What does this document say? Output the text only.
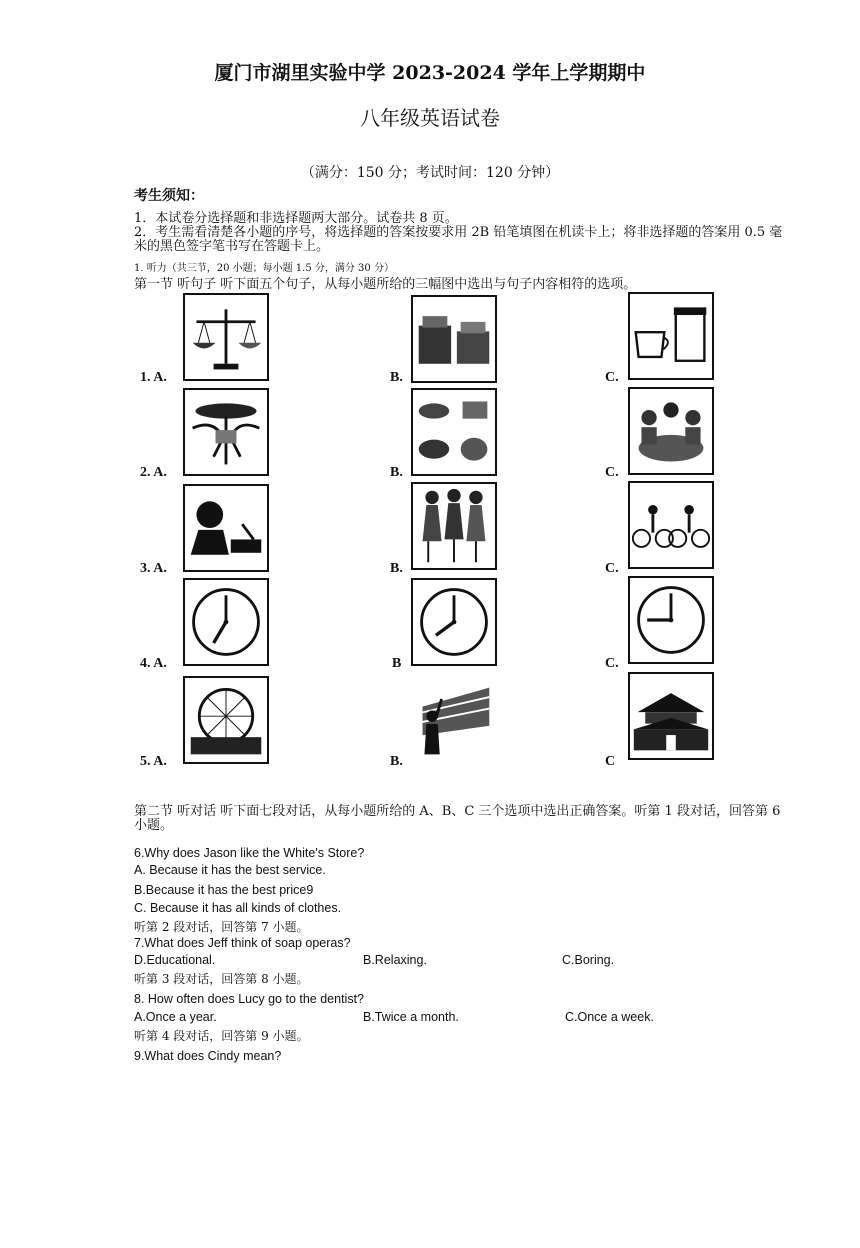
厦门市湖里实验中学 2023-2024 学年上学期期中
八年级英语试卷
（满分：150 分；考试时间：120 分钟）
考生须知：
1．本试卷分选择题和非选择题两大部分。试卷共 8 页。
2．考生需看清楚各小题的序号，将选择题的答案按要求用 2B 铅笔填图在机读卡上；将非选择题的答案用 0.5 毫米的黑色签字笔书写在答题卡上。
1. 听力（共三节，20 小题；每小题 1.5 分，满分 30 分）
第一节 听句子 听下面五个句子，从每小题所给的三幅图中选出与句子内容相符的选项。
1. A.	B.	C.
2. A.	B.	C.
3. A.	B.	C.
4. A.	B	C.
5. A.	B.	C
第二节 听对话 听下面七段对话，从每小题所给的 A、B、C 三个选项中选出正确答案。听第 1 段对话，回答第 6 小题。
6.Why does Jason like the White's Store?
A. Because it has the best service.
B.Because it has the best price9
C. Because it has all kinds of clothes.
听第 2 段对话，回答第 7 小题。
7.What does Jeff think of soap operas?
D.Educational.	B.Relaxing.	C.Boring.
听第 3 段对话，回答第 8 小题。
8. How often does Lucy go to the dentist?
A.Once a year.	B.Twice a month.	C.Once a week.
听第 4 段对话，回答第 9 小题。
9.What does Cindy mean?
